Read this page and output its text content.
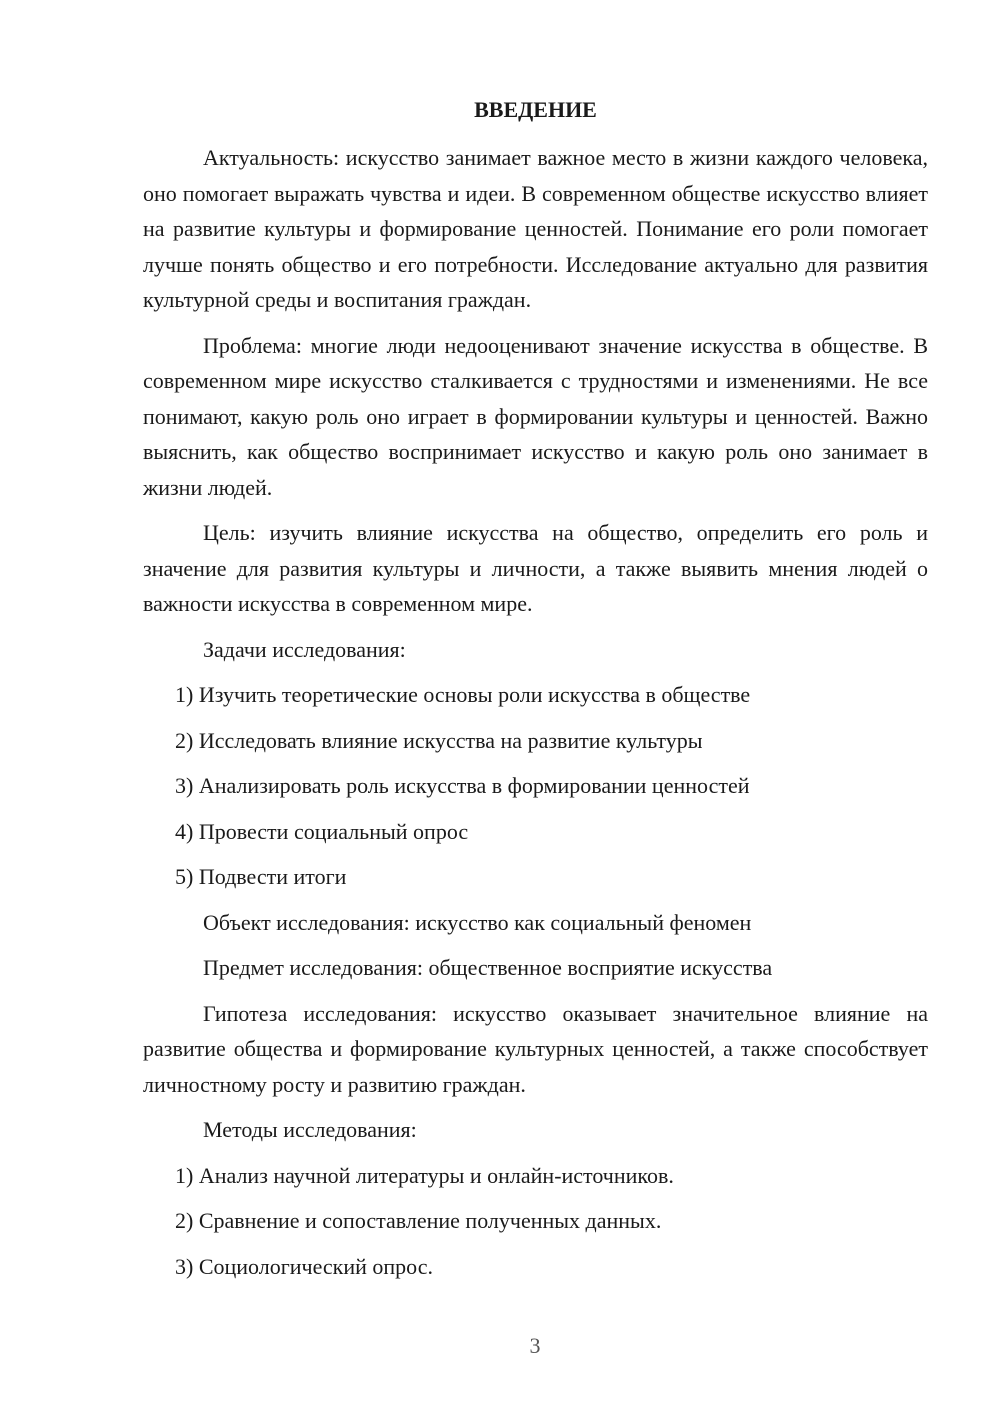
ВВЕДЕНИЕ

Актуальность: искусство занимает важное место в жизни каждого человека, оно помогает выражать чувства и идеи. В современном обществе искусство влияет на развитие культуры и формирование ценностей. Понимание его роли помогает лучше понять общество и его потребности. Исследование актуально для развития культурной среды и воспитания граждан.

Проблема: многие люди недооценивают значение искусства в обществе. В современном мире искусство сталкивается с трудностями и изменениями. Не все понимают, какую роль оно играет в формировании культуры и ценностей. Важно выяснить, как общество воспринимает искусство и какую роль оно занимает в жизни людей.

Цель: изучить влияние искусства на общество, определить его роль и значение для развития культуры и личности, а также выявить мнения людей о важности искусства в современном мире.

Задачи исследования:

1) Изучить теоретические основы роли искусства в обществе
2) Исследовать влияние искусства на развитие культуры
3) Анализировать роль искусства в формировании ценностей
4) Провести социальный опрос
5) Подвести итоги

Объект исследования: искусство как социальный феномен

Предмет исследования: общественное восприятие искусства

Гипотеза исследования: искусство оказывает значительное влияние на развитие общества и формирование культурных ценностей, а также способствует личностному росту и развитию граждан.

Методы исследования:

1) Анализ научной литературы и онлайн-источников.
2) Сравнение и сопоставление полученных данных.
3) Социологический опрос.
3
